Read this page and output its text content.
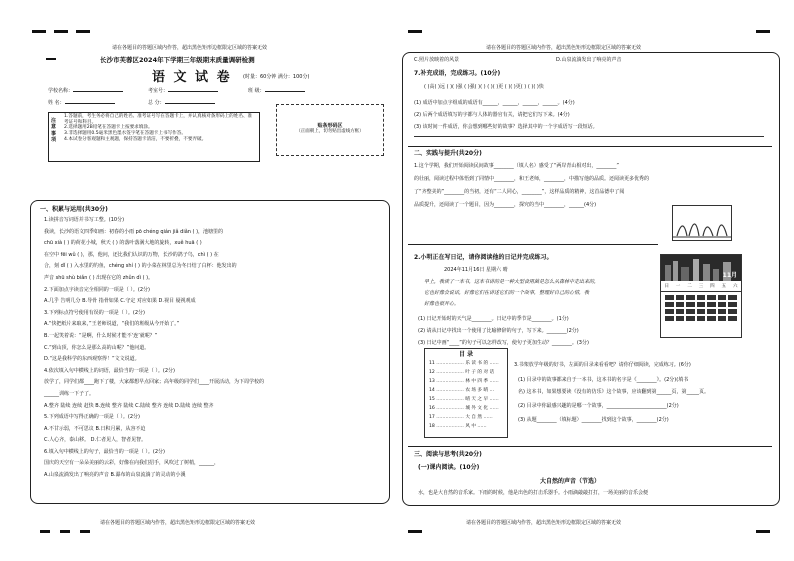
请在各题目的答题区域内作答，超出黑色矩形边框限定区域的答案无效
长沙市芙蓉区2024年下学期三年级期末质量调研检测
语 文 试 卷 (时量：60分钟 满分：100分)
学校名称：	考室号：	班 级：
姓 名：	总 分：
注意事项
1.答题前，考生务必将自己的姓名、准考证号写在答题卡上，并认真核对条形码上的姓名、准考证号和科目。
2.选择题用2B铅笔在答题卡上按要求填涂。
3.非选择题用0.5毫米黑色墨水签字笔在答题卡上书写作答。
4.本试卷分客观题和主观题，保持答题卡清洁，不要折叠，不要弄破。
贴条形码区
（正面朝上，切勿贴出虚线方框）
一、积累与运用(共30分)
1.读拼音写词语并书写工整。(10分)
我读，长沙的语文四季如画：初春的小雨 pō chéng qián jiǎ diǎn ( )，池塘里的
chū xià ( ) 的荷花小城，秋天 ( ) 的落叶落满大地的旋转，xuě huā ( )
在空中 fēi wǔ ( )，那，他问，还比我们认识的万物，长沙的鸽子鸟，chì ( ) 在
合，刻 dǐ ( ) 入水里的钓鱼，chéng shí ( ) 的小菜在林里总为冬日结了白杯：他发出的
声音 shū shù biǎn ( ) 出现在它的 zhǔn dì ( )。
2.下面加点字读音完全相同的一项是（ ）。(2分)
A.几乎 告明几分 B.导骨 指骨如果 C.守定 对应如果 D.视目 疑视观成
3.下列标点符号使用有误的一项是（ ）。(2分)
A.“快把纸片来取来，”王老师说道，“我们的班级从今开始了。”
B.一起笑着说：“是啊，什么时候才能不‘连’就呢？”
C.“到山顶，你怎么是那么高的山呢？”他问道。
D.“这是我科学的东西观察得！”文文说道。
4.依次填入句中横线上的词语，最恰当的一项是（ ）。(2分)
放学了，同学们都____跑下了楼，大家都想早点回家；高年级的同学们____开展活动，为下周学校的
______训练一下子了。
A.整齐 陆续 连续 赶快 B.连续 整齐 陆续 C.陆续 整齐 连续 D.陆续 连续 整齐
5.下列成语中写得正确的一项是（ ）。(2分)
A.不甘示弱，不可思议 B.日积月累，从容不迫
C.人心齐，泰山移。 D.仁者见人，智者见智。
6.填入句中横线上的句子，最恰当的一项是（ ）。(2分)
国庆的天空有一朵朵美丽的云彩，好像在向我们招手，风吹过了树梢，______，
A.山泉流淌发出了响亮的声音 B.瀑布的山泉流淌了的灵动的小溪
请在各题目的答题区域内作答，超出黑色矩形边框限定区域的答案无效
请在各题目的答题区域内作答，超出黑色矩形边框限定区域的答案无效
C.照片放映着的风景	D.山泉流淌发出了响亮的声音
7.补充成语，完成练习。(10分)
( )高( )远 ( )( )强 ( )强( )( ) ( )( )更 ( )( )更( ) ( )( )快
(1) 成语中加点字组成的成语有______，______，______，______。(4分)
(2) 后两个成语填写的字都与人体的器官有关，请把它们写下来。(4分)
(3) 该时间一件成语，你会想到哪些好的故事？选择其中的一个字成语写一段短话。
二、实践与提升(共20分)
1.这个学期，我们开始阅读民间故事________（填人名）感受了“两岸青山相对出，________”
的壮丽，阅读过程中体悟到了同情中________，和王老师，________，中描写他的品质。还阅读更多优秀的
了“齐整美的”________的当初，还有“二人同心，________”，这样品质的精神，这首品德中了阅
品质提升，还阅读了一个题目，因为________，探究的当中________，______(4分)
2.小明正在写日记，请你阅读他的日记并完成练习。
2024年11月16日 星期六 晴
早上，我读了一本书，这本书讲的是一种大型食用菌是怎么从森林中走出来的，
它也好像会说话，好像它们在讲述它们的一个故事，整理好自己的心情，我
好像也很开心。
(1) 日记开始时的天气是________。日记中的季节是________。(1分)
(2) 请从日记中找出一个使用了比喻修辞的句子，写下来。________(2分)
(3) 日记中画“____”的句子可以怎样改写，使句子更加生动？________。(3分)
11月
日 一 二 三 四 五 六
目 录
11 ……………… 乐 读 书 的 ……
12 ……………… 叶 子 的 对 话
13 ……………… 林 中 四 季 ……
14 ……………… 农 场 多 晴 …
15 ……………… 晴 天 之 早 ……
16 ……………… 城 外 文 化 ……
17 ……………… 大 自 然 ……
18 ……………… 风 中 ……
3.书架放学年级的好书，左面的目录来看看吧？请你仔细阅读，完成练习。(6分)
(1) 目录中的故事都来自于一本书，这本书的名字是《________》。(2分)(填书
名) 这本书，如果想要读《没有的仿乐》这个故事，应该翻到第______页，第_____页。
(2) 目录中你最感兴趣的是哪一个故事，________________________(2分)
(3) 从题________（填标题）________找到这个故事，________(2分)
三、阅读与思考(共20分)
(一)课内阅读。(10分)
大自然的声音（节选）
水，也是大自然的音乐家。下雨的时候，他是出色的打击乐器手。小雨滴敲敲打打，一场美丽的音乐会便
请在各题目的答题区域内作答，超出黑色矩形边框限定区域的答案无效
